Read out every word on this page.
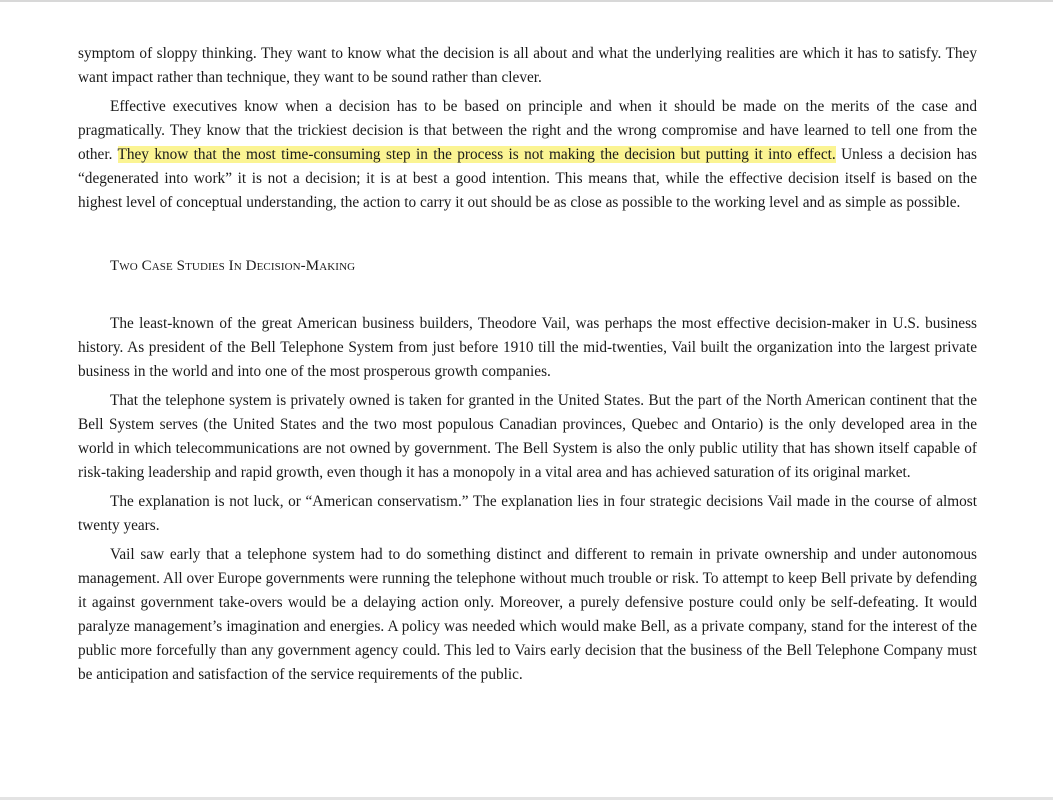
symptom of sloppy thinking. They want to know what the decision is all about and what the underlying realities are which it has to satisfy. They want impact rather than technique, they want to be sound rather than clever.

Effective executives know when a decision has to be based on principle and when it should be made on the merits of the case and pragmatically. They know that the trickiest decision is that between the right and the wrong compromise and have learned to tell one from the other. They know that the most time-consuming step in the process is not making the decision but putting it into effect. Unless a decision has “degenerated into work” it is not a decision; it is at best a good intention. This means that, while the effective decision itself is based on the highest level of conceptual understanding, the action to carry it out should be as close as possible to the working level and as simple as possible.

Two Case Studies In Decision-Making

The least-known of the great American business builders, Theodore Vail, was perhaps the most effective decision-maker in U.S. business history. As president of the Bell Telephone System from just before 1910 till the mid-twenties, Vail built the organization into the largest private business in the world and into one of the most prosperous growth companies.

That the telephone system is privately owned is taken for granted in the United States. But the part of the North American continent that the Bell System serves (the United States and the two most populous Canadian provinces, Quebec and Ontario) is the only developed area in the world in which telecommunications are not owned by government. The Bell System is also the only public utility that has shown itself capable of risk-taking leadership and rapid growth, even though it has a monopoly in a vital area and has achieved saturation of its original market.

The explanation is not luck, or “American conservatism.” The explanation lies in four strategic decisions Vail made in the course of almost twenty years.

Vail saw early that a telephone system had to do something distinct and different to remain in private ownership and under autonomous management. All over Europe governments were running the telephone without much trouble or risk. To attempt to keep Bell private by defending it against government take-overs would be a delaying action only. Moreover, a purely defensive posture could only be self-defeating. It would paralyze management’s imagination and energies. A policy was needed which would make Bell, as a private company, stand for the interest of the public more forcefully than any government agency could. This led to Vairs early decision that the business of the Bell Telephone Company must be anticipation and satisfaction of the service requirements of the public.
